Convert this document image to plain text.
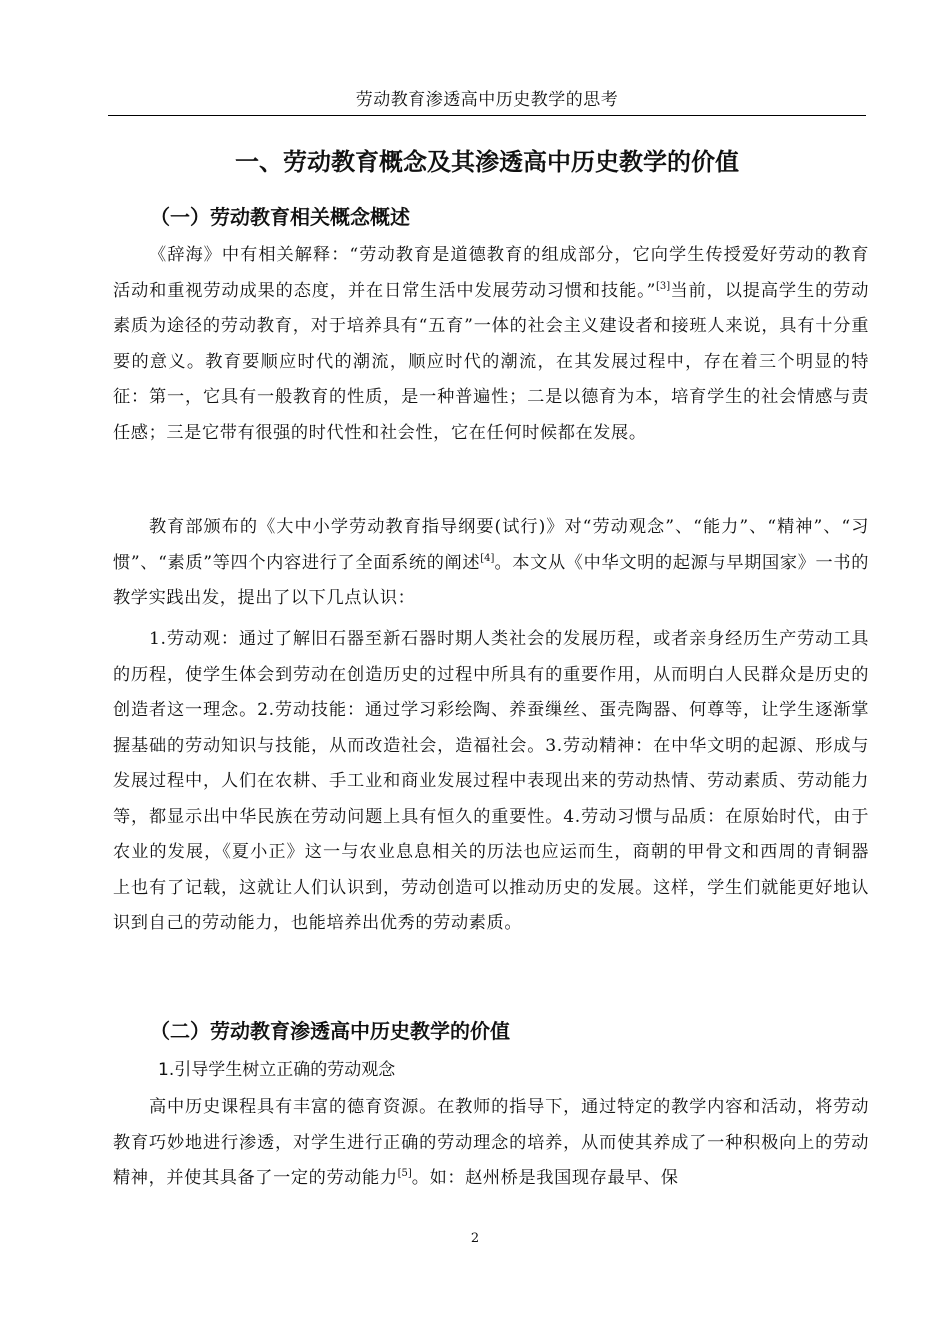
劳动教育渗透高中历史教学的思考
一、劳动教育概念及其渗透高中历史教学的价值
（一）劳动教育相关概念概述

《辞海》中有相关解释：“劳动教育是道德教育的组成部分，它向学生传授爱好劳动的教育活动和重视劳动成果的态度，并在日常生活中发展劳动习惯和技能。”[3]当前，以提高学生的劳动素质为途径的劳动教育，对于培养具有“五育”一体的社会主义建设者和接班人来说，具有十分重要的意义。教育要顺应时代的潮流，顺应时代的潮流，在其发展过程中，存在着三个明显的特征：第一，它具有一般教育的性质，是一种普遍性；二是以德育为本，培育学生的社会情感与责任感；三是它带有很强的时代性和社会性，它在任何时候都在发展。

教育部颁布的《大中小学劳动教育指导纲要(试行)》对“劳动观念”、“能力”、“精神”、“习惯”、“素质”等四个内容进行了全面系统的阐述[4]。本文从《中华文明的起源与早期国家》一书的教学实践出发，提出了以下几点认识：

1.劳动观：通过了解旧石器至新石器时期人类社会的发展历程，或者亲身经历生产劳动工具的历程，使学生体会到劳动在创造历史的过程中所具有的重要作用，从而明白人民群众是历史的创造者这一理念。2.劳动技能：通过学习彩绘陶、养蚕缫丝、蛋壳陶器、何尊等，让学生逐渐掌握基础的劳动知识与技能，从而改造社会，造福社会。3.劳动精神：在中华文明的起源、形成与发展过程中，人们在农耕、手工业和商业发展过程中表现出来的劳动热情、劳动素质、劳动能力等，都显示出中华民族在劳动问题上具有恒久的重要性。4.劳动习惯与品质：在原始时代，由于农业的发展，《夏小正》这一与农业息息相关的历法也应运而生，商朝的甲骨文和西周的青铜器上也有了记载，这就让人们认识到，劳动创造可以推动历史的发展。这样，学生们就能更好地认识到自己的劳动能力，也能培养出优秀的劳动素质。

（二）劳动教育渗透高中历史教学的价值
1.引导学生树立正确的劳动观念

高中历史课程具有丰富的德育资源。在教师的指导下，通过特定的教学内容和活动，将劳动教育巧妙地进行渗透，对学生进行正确的劳动理念的培养，从而使其养成了一种积极向上的劳动精神，并使其具备了一定的劳动能力[5]。如：赵州桥是我国现存最早、保

2
